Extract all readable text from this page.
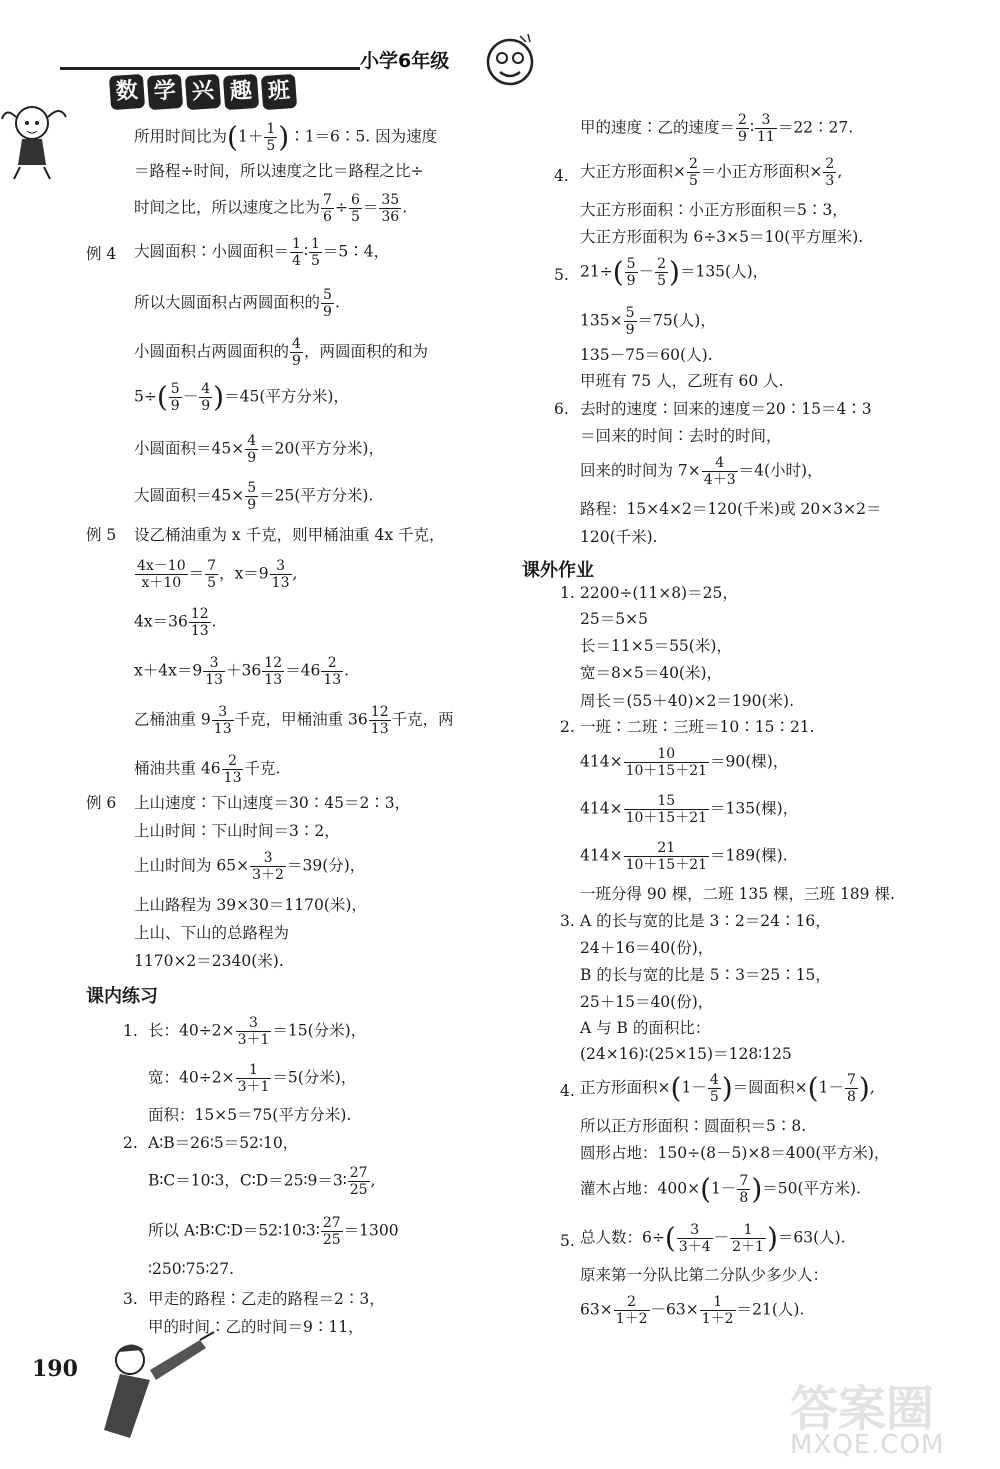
小学6年级
数 学 兴 趣 班
所用时间比为($1+ \frac{1}{5}$ )∶1＝6∶5. 因为速度
＝路程÷时间，所以速度之比＝路程之比÷
时间之比，所以速度之比为 $\frac{7}{6} \div \frac{6}{5} = \frac{35}{36}$ .
例 4 大圆面积∶小圆面积＝ $\frac{1}{4}$ ∶ $\frac{1}{5}$ ＝5∶4，
所以大圆面积占两圆面积的 $\frac{5}{9}$ .
小圆面积占两圆面积的 $\frac{4}{9}$ ，两圆面积的和为
$5\div( \frac{5}{9} - \frac{4}{9} )=45$(平方分米)，
小圆面积$=45\times \frac{4}{9} =20$(平方分米)，
大圆面积$=45\times \frac{5}{9} =25$(平方分米).
例 5 设乙桶油重为 x 千克，则甲桶油重 4x 千克，
$\frac{4x-10}{x+10} = \frac{7}{5}$ ，$x=9 \frac{3}{13}$ ,
$4x=36 \frac{12}{13}$ .
$x+4x=9 \frac{3}{13} +36 \frac{12}{13} =46 \frac{2}{13}$ .
乙桶油重 $9 \frac{3}{13}$ 千克，甲桶油重 $36 \frac{12}{13}$ 千克，两
桶油共重 $46 \frac{2}{13}$ 千克.
例 6 上山速度∶下山速度＝30∶45＝2∶3，
上山时间∶下山时间＝3∶2，
上山时间为 $65\times \frac{3}{3+2} =39$(分)，
上山路程为 39×30＝1170(米)，
上山、下山的总路程为
1170×2＝2340(米).
课内练习
1. 长：$40\div 2\times \frac{3}{3+1} =15$(分米)，
宽：$40\div 2\times \frac{1}{3+1} =5$(分米)，
面积：15×5＝75(平方分米).
2. A∶B＝26∶5＝52∶10，
B∶C＝10∶3，C∶D＝25∶9＝3∶ $\frac{27}{25}$ ,
所以 A∶B∶C∶D＝52∶10∶3∶ $\frac{27}{25} =1300$
∶250∶75∶27.
3. 甲走的路程∶乙走的路程＝2∶3，
甲的时间∶乙的时间＝9∶11，
甲的速度∶乙的速度＝ $\frac{2}{9}$ ∶ $\frac{3}{11}$ ＝22∶27.
4. 大正方形面积× $\frac{2}{5}$ ＝小正方形面积× $\frac{2}{3}$ ,
大正方形面积∶小正方形面积＝5∶3，
大正方形面积为 6÷3×5＝10(平方厘米).
5. $21\div( \frac{5}{9} - \frac{2}{5} )=135$(人)，
$135\times \frac{5}{9} =75$(人)，
135－75＝60(人).
甲班有 75 人，乙班有 60 人.
6. 去时的速度∶回来的速度＝20∶15＝4∶3
＝回来的时间∶去时的时间，
回来的时间为 $7\times \frac{4}{4+3} =4$(小时)，
路程：15×4×2＝120(千米)或 20×3×2＝
120(千米).
课外作业
1. 2200÷(11×8)＝25，
25＝5×5
长＝11×5＝55(米)，
宽＝8×5＝40(米)，
周长＝(55＋40)×2＝190(米).
2. 一班∶二班∶三班＝10∶15∶21.
$414\times \frac{10}{10+15+21} =90$(棵)，
$414\times \frac{15}{10+15+21} =135$(棵)，
$414\times \frac{21}{10+15+21} =189$(棵).
一班分得 90 棵，二班 135 棵，三班 189 棵.
3. A 的长与宽的比是 3∶2＝24∶16，
24＋16＝40(份)，
B 的长与宽的比是 5∶3＝25∶15，
25＋15＝40(份)，
A 与 B 的面积比：
(24×16)∶(25×15)＝128∶125
4. 正方形面积$\times(1- \frac{4}{5}$ )＝圆面积$\times(1- \frac{7}{8}$ ),
所以正方形面积∶圆面积＝5∶8.
圆形占地：150÷(8－5)×8＝400(平方米)，
灌木占地：$400\times(1- \frac{7}{8} )=50$(平方米).
5. 总人数：$6\div( \frac{3}{3+4} - \frac{1}{2+1} )=63$(人).
原来第一分队比第二分队少多少人：
$63\times \frac{2}{1+2} -63\times \frac{1}{1+2} =21$(人).
190
答案圈
MXQE.COM
